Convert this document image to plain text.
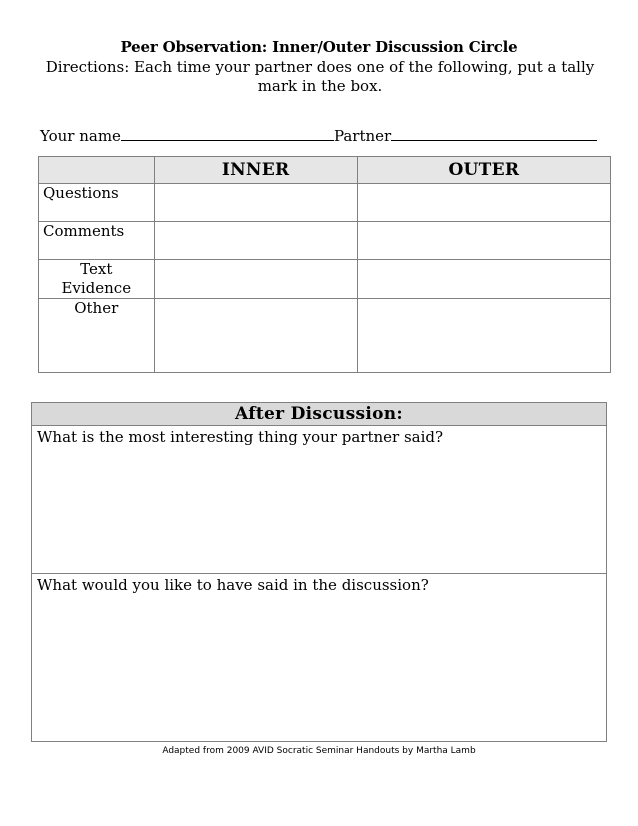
Peer Observation: Inner/Outer Discussion Circle
Directions: Each time your partner does one of the following, put a tally mark in the box.
Your name	Partner
	INNER	OUTER
Questions		
Comments		
Text Evidence		
Other		
After Discussion:
What is the most interesting thing your partner said?
What would you like to have said in the discussion?
Adapted from 2009 AVID Socratic Seminar Handouts by Martha Lamb
